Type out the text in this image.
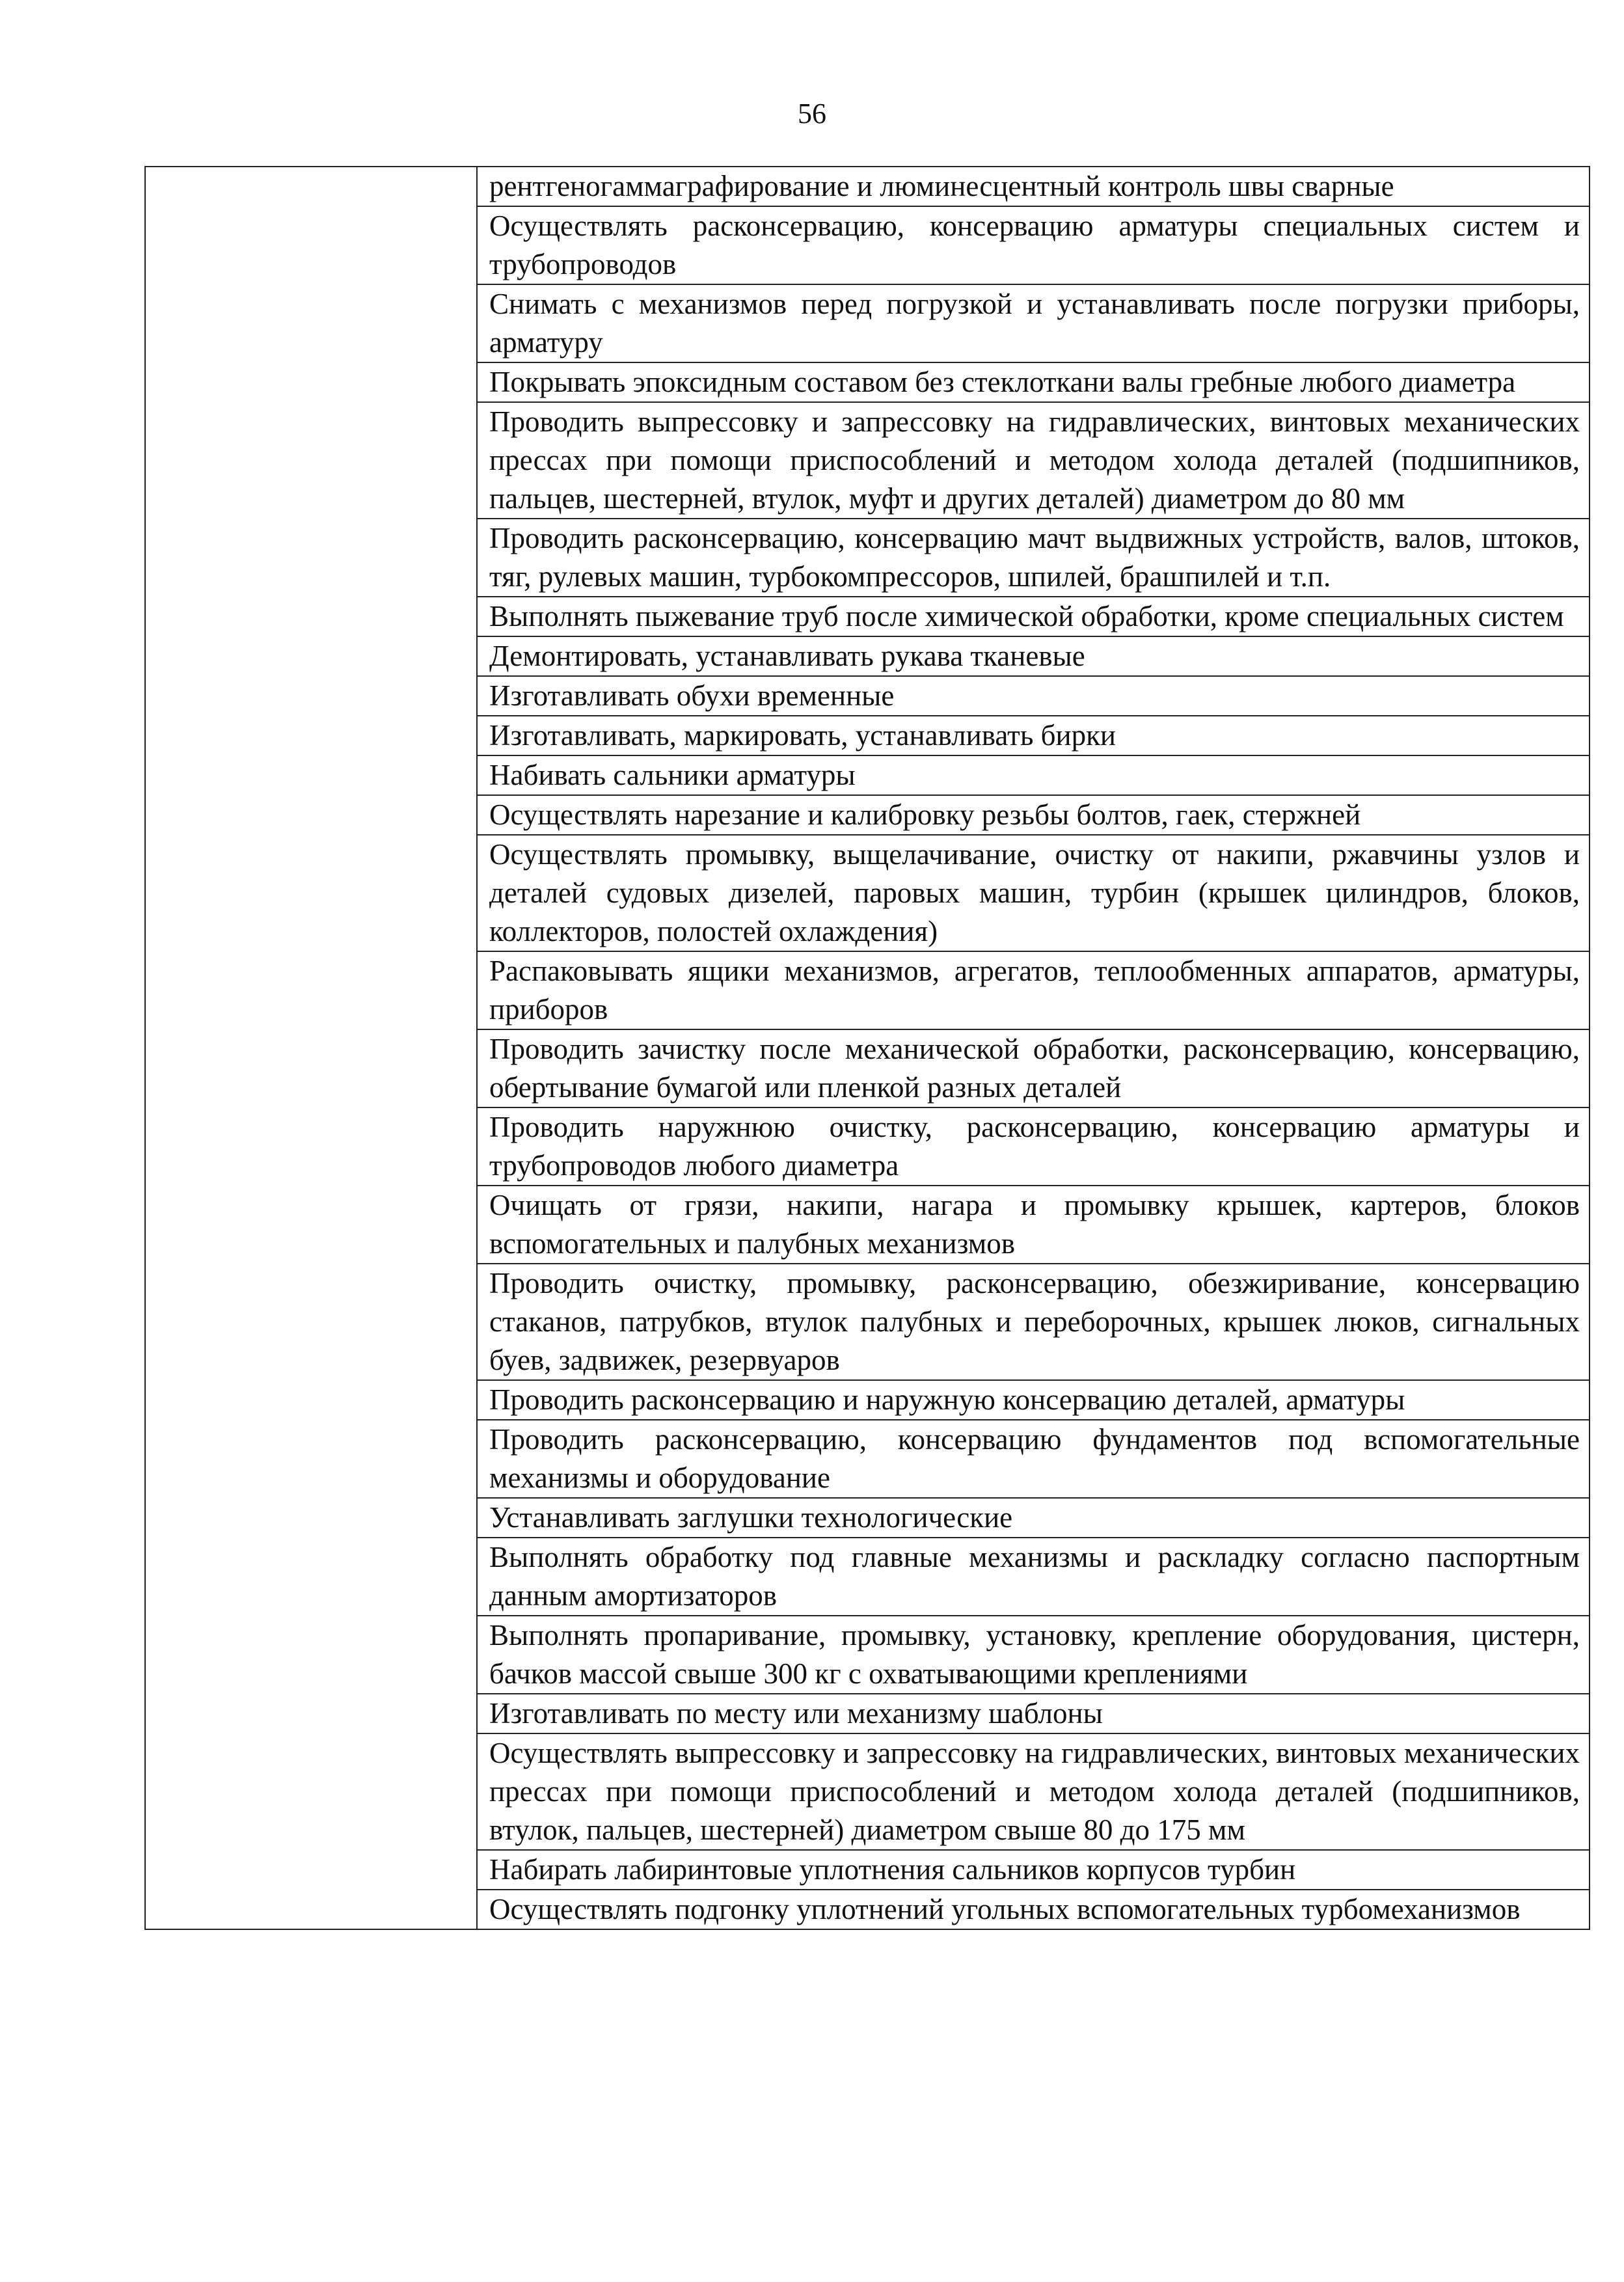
56

рентгеногаммаграфирование и люминесцентный контроль швы сварные

Осуществлять расконсервацию, консервацию арматуры специальных систем и трубопроводов

Снимать с механизмов перед погрузкой и устанавливать после погрузки приборы, арматуру

Покрывать эпоксидным составом без стеклоткани валы гребные любого диаметра

Проводить выпрессовку и запрессовку на гидравлических, винтовых механических прессах при помощи приспособлений и методом холода деталей (подшипников, пальцев, шестерней, втулок, муфт и других деталей) диаметром до 80 мм

Проводить расконсервацию, консервацию мачт выдвижных устройств, валов, штоков, тяг, рулевых машин, турбокомпрессоров, шпилей, брашпилей и т.п.

Выполнять пыжевание труб после химической обработки, кроме специальных систем

Демонтировать, устанавливать рукава тканевые

Изготавливать обухи временные

Изготавливать, маркировать, устанавливать бирки

Набивать сальники арматуры

Осуществлять нарезание и калибровку резьбы болтов, гаек, стержней

Осуществлять промывку, выщелачивание, очистку от накипи, ржавчины узлов и деталей судовых дизелей, паровых машин, турбин (крышек цилиндров, блоков, коллекторов, полостей охлаждения)

Распаковывать ящики механизмов, агрегатов, теплообменных аппаратов, арматуры, приборов

Проводить зачистку после механической обработки, расконсервацию, консервацию, обертывание бумагой или пленкой разных деталей

Проводить наружнюю очистку, расконсервацию, консервацию арматуры и трубопроводов любого диаметра

Очищать от грязи, накипи, нагара и промывку крышек, картеров, блоков вспомогательных и палубных механизмов

Проводить очистку, промывку, расконсервацию, обезжиривание, консервацию стаканов, патрубков, втулок палубных и переборочных, крышек люков, сигнальных буев, задвижек, резервуаров

Проводить расконсервацию и наружную консервацию деталей, арматуры

Проводить расконсервацию, консервацию фундаментов под вспомогательные механизмы и оборудование

Устанавливать заглушки технологические

Выполнять обработку под главные механизмы и раскладку согласно паспортным данным амортизаторов

Выполнять пропаривание, промывку, установку, крепление оборудования, цистерн, бачков массой свыше 300 кг с охватывающими креплениями

Изготавливать по месту или механизму шаблоны

Осуществлять выпрессовку и запрессовку на гидравлических, винтовых механических прессах при помощи приспособлений и методом холода деталей (подшипников, втулок, пальцев, шестерней) диаметром свыше 80 до 175 мм

Набирать лабиринтовые уплотнения сальников корпусов турбин

Осуществлять подгонку уплотнений угольных вспомогательных турбомеханизмов
